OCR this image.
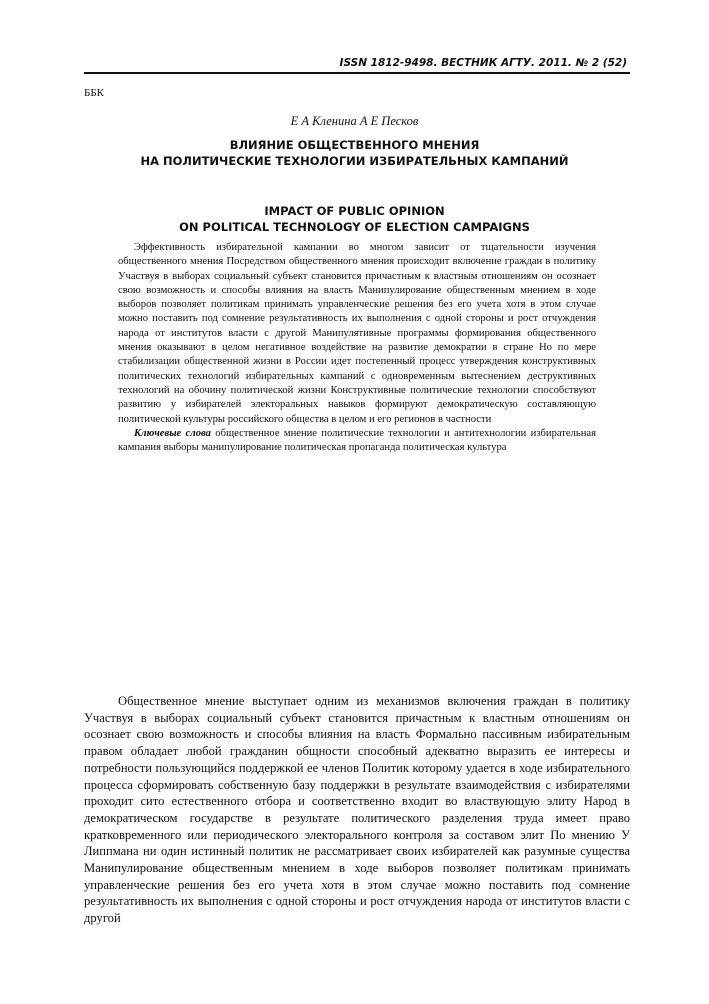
ISSN 1812-9498. ВЕСТНИК АГТУ. 2011. № 2 (52)
ББК
Е А Кленина А Е Песков
ВЛИЯНИЕ ОБЩЕСТВЕННОГО МНЕНИЯ
НА ПОЛИТИЧЕСКИЕ ТЕХНОЛОГИИ ИЗБИРАТЕЛЬНЫХ КАМПАНИЙ
IMPACT OF PUBLIC OPINION
ON POLITICAL TECHNOLOGY OF ELECTION CAMPAIGNS

Эффективность избирательной кампании во многом зависит от тщательности изучения общественного мнения Посредством общественного мнения происходит включение граждан в политику Участвуя в выборах социальный субъект становится причастным к властным отношениям он осознает свою возможность и способы влияния на власть Манипулирование общественным мнением в ходе выборов позволяет политикам принимать управленческие решения без его учета хотя в этом случае можно поставить под сомнение результативность их выполнения с одной стороны и рост отчуждения народа от институтов власти с другой Манипулятивные программы формирования общественного мнения оказывают в целом негативное воздействие на развитие демократии в стране Но по мере стабилизации общественной жизни в России идет постепенный процесс утверждения конструктивных политических технологий избирательных кампаний с одновременным вытеснением деструктивных технологий на обочину политической жизни Конструктивные политические технологии способствуют развитию у избирателей электоральных навыков формируют демократическую составляющую политической культуры российского общества в целом и его регионов в частности

Ключевые слова общественное мнение политические технологии и антитехнологии избирательная кампания выборы манипулирование политическая пропаганда политическая культура

Общественное мнение выступает одним из механизмов включения граждан в политику Участвуя в выборах социальный субъект становится причастным к властным отношениям он осознает свою возможность и способы влияния на власть Формально пассивным избирательным правом обладает любой гражданин общности способный адекватно выразить ее интересы и потребности пользующийся поддержкой ее членов Политик которому удается в ходе избирательного процесса сформировать собственную базу поддержки в результате взаимодействия с избирателями проходит сито естественного отбора и соответственно входит во властвующую элиту Народ в демократическом государстве в результате политического разделения труда имеет право кратковременного или периодического электорального контроля за составом элит По мнению У Липпмана ни один истинный политик не рассматривает своих избирателей как разумные существа Манипулирование общественным мнением в ходе выборов позволяет политикам принимать управленческие решения без его учета хотя в этом случае можно поставить под сомнение результативность их выполнения с одной стороны и рост отчуждения народа от институтов власти с другой
